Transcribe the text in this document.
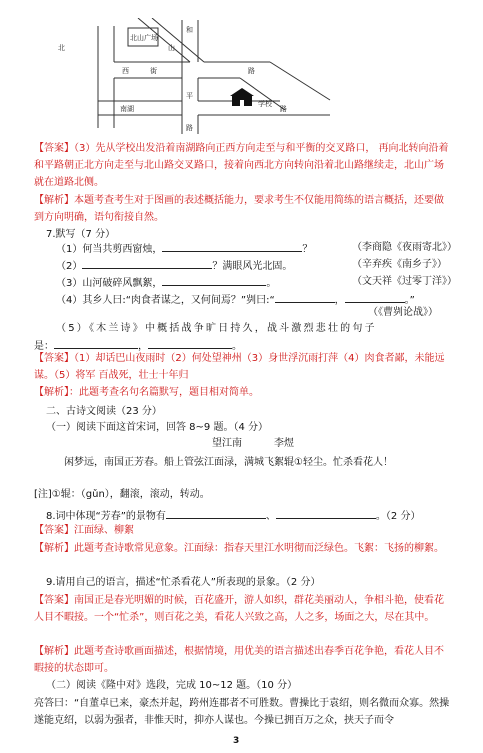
北
北山广场
和
山
西	街
平
路
路
南湖
学校
路
【答案】（3）先从学校出发沿着南湖路向正西方向走至与和平衡的交叉路口， 再向北转向沿着和平路朝正北方向走至与北山路交叉路口，接着向西北方向转向沿着北山路继续走，北山广场就在道路北侧。
【解析】本题考查考生对于图画的表述概括能力，要求考生不仅能用简练的语言概括，还要做到方向明确，语句衔接自然。
7.默写（7 分）
（1）何当共剪西窗烛，	？	（李商隐《夜雨寄北》）
（2）	？满眼风光北固。	（辛弃疾《南乡子》）
（3）山河破碎风飘絮，	。	（文天祥《过零丁洋》）
（4）其乡人曰:“肉食者谋之，又何间焉？”刿曰:“	，	。”
（《曹刿论战》）
（5）《木兰诗》中概括战争旷日持久，战斗激烈悲壮的句子
是：	，	。
【答案】（1）却话巴山夜雨时（2）何处望神州（3）身世浮沉雨打萍（4）肉食者鄙，未能远谋。（5）将军 百战死，壮士十年归
【解析】：此题考查名句名篇默写，题目相对简单。
二、古诗文阅读（23 分）
（一）阅读下面这首宋词，回答 8~9 题。（4 分）
望江南	李煜
闲梦远，南国正芳春。船上管弦江面渌，满城飞絮辊①轻尘。忙杀看花人！
[注]①辊：（gǔn），翻滚，滚动，转动。
8.词中体现“芳春”的景物有	、	。（2 分）
【答案】江面绿、柳絮
【解析】此题考查诗歌常见意象。江面绿：指春天里江水明彻而泛绿色。飞絮：飞扬的柳絮。
9.请用自己的语言，描述“忙杀看花人”所表现的景象。（2 分）
【答案】南国正是春光明媚的时候，百花盛开，游人如织，群花美丽动人，争相斗艳，使看花人目不暇接。一个“忙杀”，则百花之美，看花人兴致之高，人之多，场面之大，尽在其中。
【解析】此题考查诗歌画面描述，根据情境，用优美的语言描述出春季百花争艳，看花人目不暇接的状态即可。
（二）阅读《隆中对》选段，完成 10~12 题。（10 分）
亮答曰：“自董卓已来，豪杰并起，跨州连郡者不可胜数。曹操比于袁绍，则名微而众寡。然操遂能克绍，以弱为强者，非惟天时，抑亦人谋也。今操已拥百万之众，挟天子而令
3
